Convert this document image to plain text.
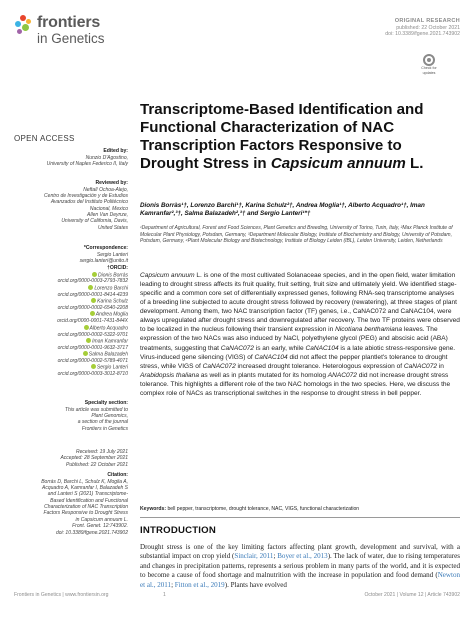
frontiers
in Genetics
ORIGINAL RESEARCH
published: 22 October 2021
doi: 10.3389/fgene.2021.743902
Check for
updates
OPEN ACCESS
Edited by:
Nunzio D'Agostino,
University of Naples Federico II, Italy
Reviewed by:
Neftalí Ochoa-Alejo,
Centro de Investigación y de Estudios
Avanzados del Instituto Politécnico
Nacional, Mexico
Allen Van Deynze,
University of California, Davis,
United States
*Correspondence:
Sergio Lanteri
sergio.lanteri@unito.it
†ORCID:
Dionis Borràs
orcid.org/0000-0003-2793-7832
Lorenzo Barchi
orcid.org/0000-0001-8414-4239
Karina Schulz
orcid.org/0000-0002-6540-2208
Andrea Moglia
orcid.org/0000-0001-7431-844X
Alberto Acquadro
orcid.org/0000-0002-5322-9701
Iman Kamranfar
orcid.org/0000-0001-9632-3717
Salma Balazadeh
orcid.org/0000-0002-5789-4071
Sergio Lanteri
orcid.org/0000-0003-3012-8710
Specialty section:
This article was submitted to
Plant Genomics,
a section of the journal
Frontiers in Genetics
Received: 19 July 2021
Accepted: 28 September 2021
Published: 22 October 2021
Citation:
Borràs D, Barchi L, Schulz K, Moglia A,
Acquadro A, Kamranfar I, Balazadeh S
and Lanteri S (2021) Transcriptome-
Based Identification and Functional
Characterization of NAC Transcription
Factors Responsive to Drought Stress
in Capsicum annuum L.
Front. Genet. 12:743902.
doi: 10.3389/fgene.2021.743902
Transcriptome-Based Identification and Functional Characterization of NAC Transcription Factors Responsive to Drought Stress in Capsicum annuum L.
Dionis Borràs¹†, Lorenzo Barchi¹†, Karina Schulz²†, Andrea Moglia¹†, Alberto Acquadro¹†, Iman Kamranfar²,³†, Salma Balazadeh²,³† and Sergio Lanteri¹*†
¹Department of Agricultural, Forest and Food Sciences, Plant Genetics and Breeding, University of Torino, Turin, Italy, ²Max Planck Institute of Molecular Plant Physiology, Potsdam, Germany, ³Department Molecular Biology, Institute of Biochemistry and Biology, University of Potsdam, Potsdam, Germany, ⁴Plant Molecular Biology and Biotechnology, Institute of Biology Leiden (IBL), Leiden University, Leiden, Netherlands

Capsicum annuum L. is one of the most cultivated Solanaceae species, and in the open field, water limitation leading to drought stress affects its fruit quality, fruit setting, fruit size and ultimately yield. We identified stage-specific and a common core set of differentially expressed genes, following RNA-seq transcriptome analyses of a breeding line subjected to acute drought stress followed by recovery (rewatering), at three stages of plant development. Among them, two NAC transcription factor (TF) genes, i.e., CaNAC072 and CaNAC104, were always upregulated after drought stress and downregulated after recovery. The two TF proteins were observed to be localized in the nucleus following their transient expression in Nicotiana benthamiana leaves. The expression of the two NACs was also induced by NaCl, polyethylene glycol (PEG) and abscisic acid (ABA) treatments, suggesting that CaNAC072 is an early, while CaNAC104 is a late abiotic stress-responsive gene. Virus-induced gene silencing (VIGS) of CaNAC104 did not affect the pepper plantlet's tolerance to drought stress, while VIGS of CaNAC072 increased drought tolerance. Heterologous expression of CaNAC072 in Arabidopsis thaliana as well as in plants mutated for its homolog ANAC072 did not increase drought stress tolerance. This highlights a different role of the two NAC homologs in the two species. Here, we discuss the complex role of NACs as transcriptional switches in the response to drought stress in bell pepper.

Keywords: bell pepper, transcriptome, drought tolerance, NAC, VIGS, functional characterization
INTRODUCTION

Drought stress is one of the key limiting factors affecting plant growth, development and survival, with a substantial impact on crop yield (Sinclair, 2011; Boyer et al., 2013). The lack of water, due to rising temperatures and changes in precipitation patterns, represents a serious problem in many parts of the world, and it is expected to become a cause of food shortage and malnutrition with the increase in population and food demand (Newton et al., 2011; Fitton et al., 2019). Plants have evolved

Frontiers in Genetics | www.frontiersin.org	1	October 2021 | Volume 12 | Article 743902
